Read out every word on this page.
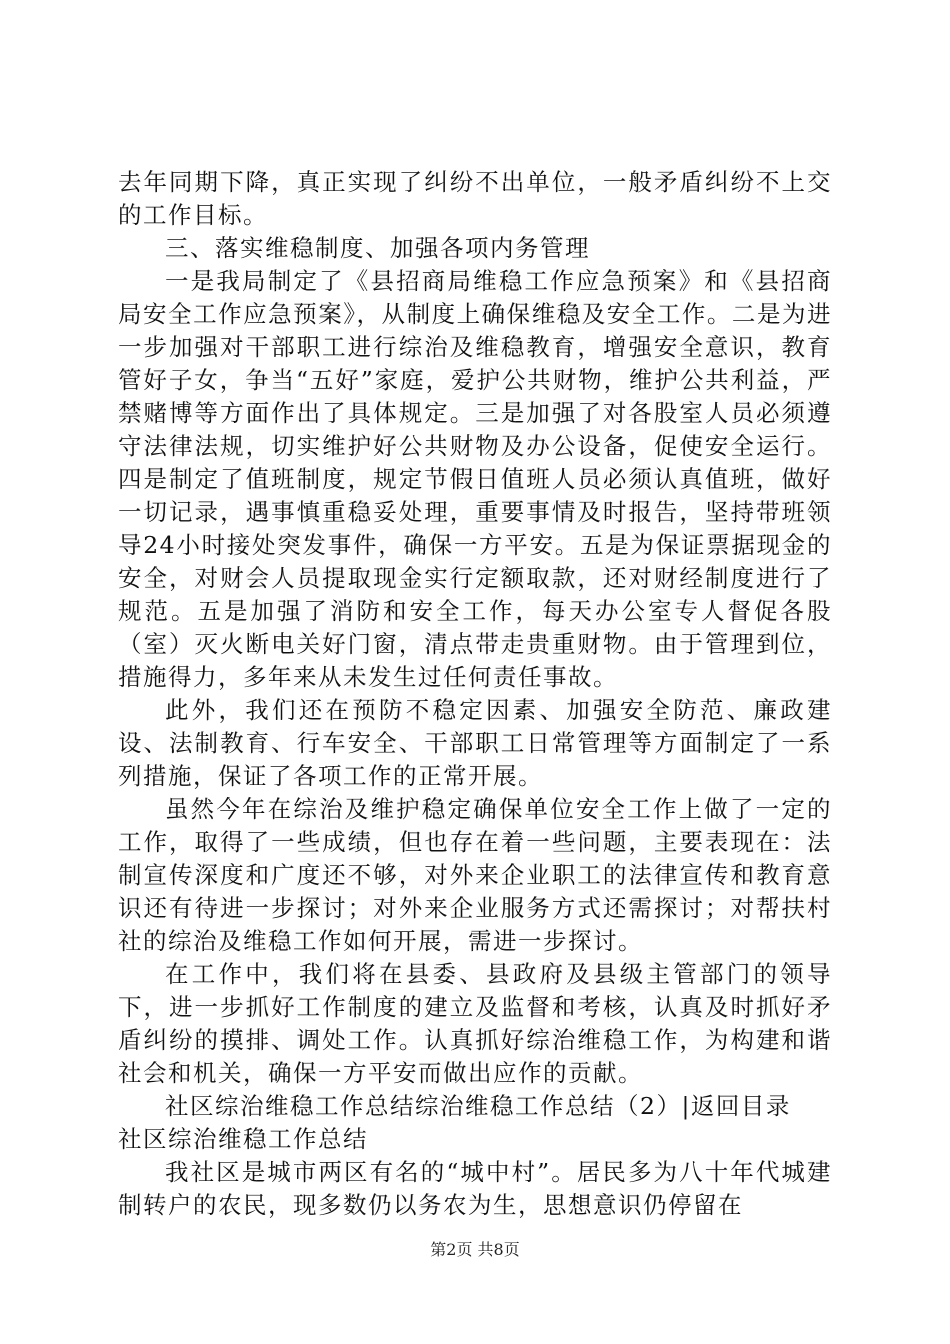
去年同期下降，真正实现了纠纷不出单位，一般矛盾纠纷不上交的工作目标。

三、落实维稳制度、加强各项内务管理

一是我局制定了《县招商局维稳工作应急预案》和《县招商局安全工作应急预案》，从制度上确保维稳及安全工作。二是为进一步加强对干部职工进行综治及维稳教育，增强安全意识，教育管好子女，争当“五好”家庭，爱护公共财物，维护公共利益，严禁赌博等方面作出了具体规定。三是加强了对各股室人员必须遵守法律法规，切实维护好公共财物及办公设备，促使安全运行。四是制定了值班制度，规定节假日值班人员必须认真值班，做好一切记录，遇事慎重稳妥处理，重要事情及时报告，坚持带班领导24小时接处突发事件，确保一方平安。五是为保证票据现金的安全，对财会人员提取现金实行定额取款，还对财经制度进行了规范。五是加强了消防和安全工作，每天办公室专人督促各股（室）灭火断电关好门窗，清点带走贵重财物。由于管理到位，措施得力，多年来从未发生过任何责任事故。

此外，我们还在预防不稳定因素、加强安全防范、廉政建设、法制教育、行车安全、干部职工日常管理等方面制定了一系列措施，保证了各项工作的正常开展。

虽然今年在综治及维护稳定确保单位安全工作上做了一定的工作，取得了一些成绩，但也存在着一些问题，主要表现在：法制宣传深度和广度还不够，对外来企业职工的法律宣传和教育意识还有待进一步探讨；对外来企业服务方式还需探讨；对帮扶村社的综治及维稳工作如何开展，需进一步探讨。

在工作中，我们将在县委、县政府及县级主管部门的领导下，进一步抓好工作制度的建立及监督和考核，认真及时抓好矛盾纠纷的摸排、调处工作。认真抓好综治维稳工作，为构建和谐社会和机关，确保一方平安而做出应作的贡献。

社区综治维稳工作总结综治维稳工作总结（2）|返回目录

社区综治维稳工作总结

我社区是城市两区有名的“城中村”。居民多为八十年代城建制转户的农民，现多数仍以务农为生，思想意识仍停留在

第2页 共8页
